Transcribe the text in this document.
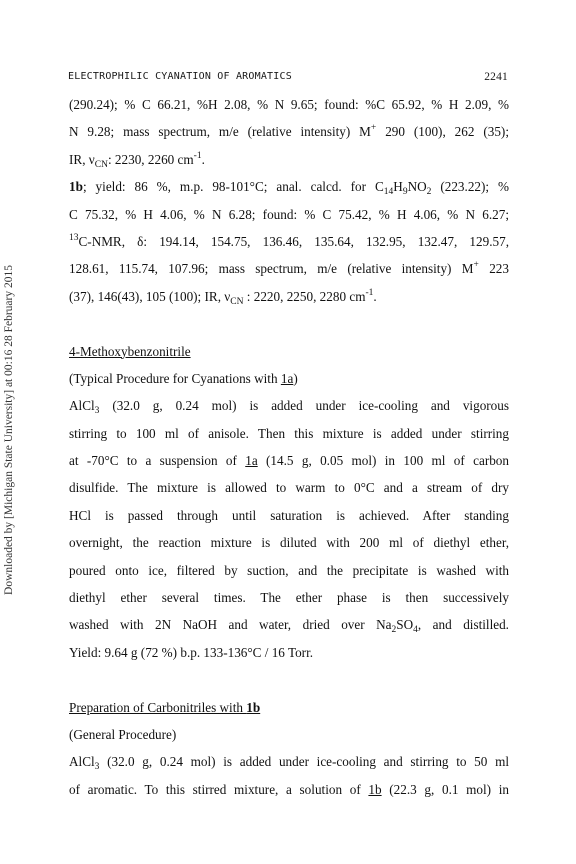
ELECTROPHILIC CYANATION OF AROMATICS	2241
Downloaded by [Michigan State University] at 00:16 28 February 2015
(290.24); % C 66.21, %H 2.08, % N 9.65; found: %C 65.92, % H 2.09, %
N 9.28; mass spectrum, m/e (relative intensity) M+ 290 (100), 262 (35);
IR, $\nu_{CN}$: 2230, 2260 $cm^{-1}$.
1b; yield: 86 %, m.p. 98-101°C; anal. calcd. for $C_{14}H_9NO_2$ (223.22); %
C 75.32, % H 4.06, % N 6.28; found: % C 75.42, % H 4.06, % N 6.27;
$^{13}$C-NMR, δ: 194.14, 154.75, 136.46, 135.64, 132.95, 132.47, 129.57,
128.61, 115.74, 107.96; mass spectrum, m/e (relative intensity) M+ 223
(37), 146(43), 105 (100); IR, $\nu_{CN}$ : 2220, 2250, 2280 $cm^{-1}$.
4-Methoxybenzonitrile
(Typical Procedure for Cyanations with 1a)
AlCl$_3$ (32.0 g, 0.24 mol) is added under ice-cooling and vigorous
stirring to 100 ml of anisole. Then this mixture is added under stirring
at -70°C to a suspension of 1a (14.5 g, 0.05 mol) in 100 ml of carbon
disulfide. The mixture is allowed to warm to 0°C and a stream of dry
HCl is passed through until saturation is achieved. After standing
overnight, the reaction mixture is diluted with 200 ml of diethyl ether,
poured onto ice, filtered by suction, and the precipitate is washed with
diethyl ether several times. The ether phase is then successively
washed with 2N NaOH and water, dried over $Na_2SO_4$, and distilled.
Yield: 9.64 g (72 %) b.p. 133-136°C / 16 Torr.
Preparation of Carbonitriles with 1b
(General Procedure)
AlCl$_3$ (32.0 g, 0.24 mol) is added under ice-cooling and stirring to 50 ml
of aromatic. To this stirred mixture, a solution of 1b (22.3 g, 0.1 mol) in
